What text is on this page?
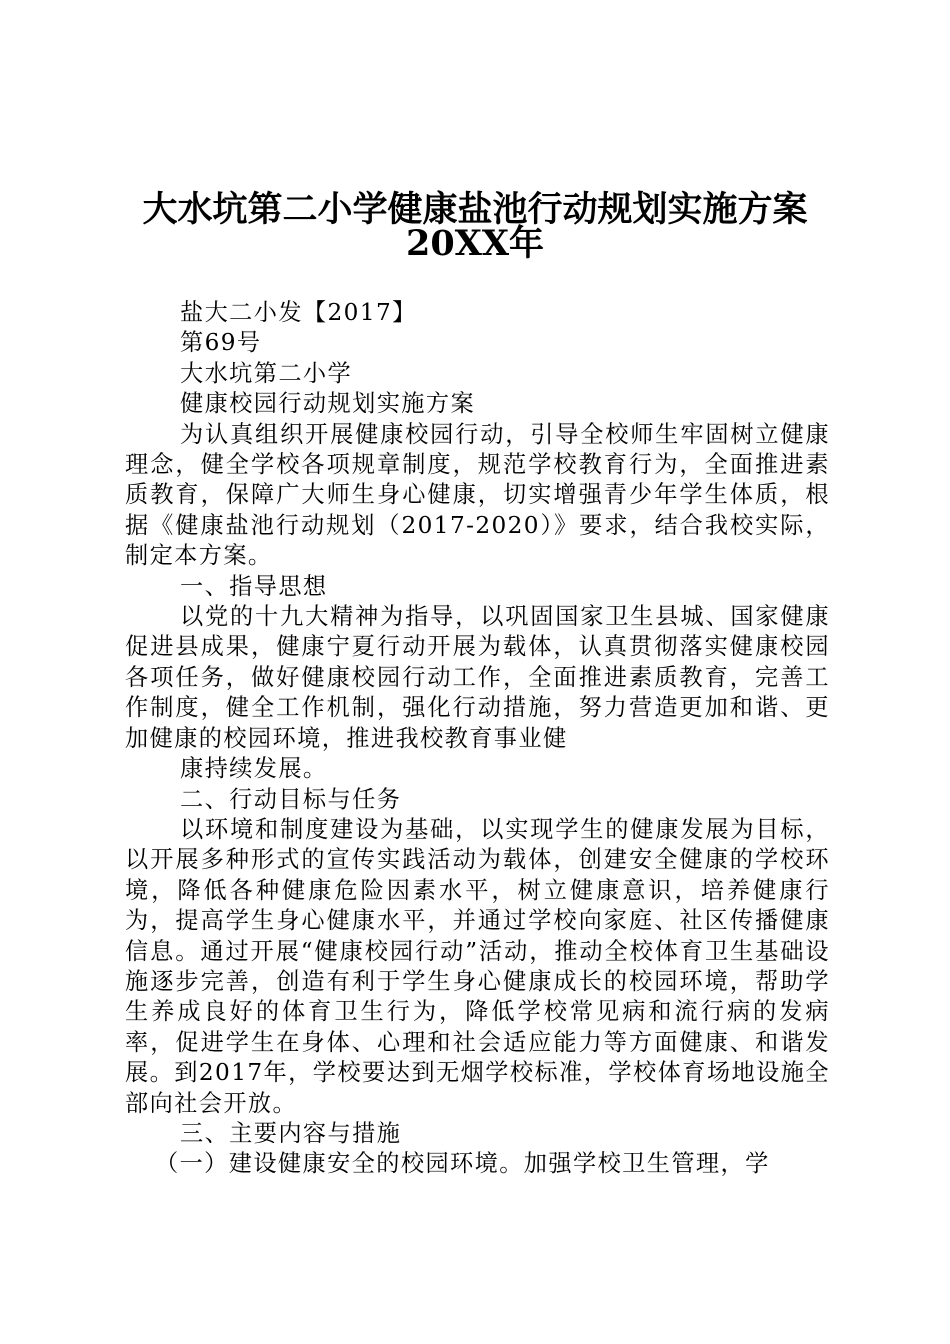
大水坑第二小学健康盐池行动规划实施方案
20XX年

盐大二小发【2017】

第69号

大水坑第二小学

健康校园行动规划实施方案

为认真组织开展健康校园行动，引导全校师生牢固树立健康理念，健全学校各项规章制度，规范学校教育行为，全面推进素质教育，保障广大师生身心健康，切实增强青少年学生体质，根据《健康盐池行动规划（2017-2020）》要求，结合我校实际，制定本方案。

一、指导思想

以党的十九大精神为指导，以巩固国家卫生县城、国家健康促进县成果，健康宁夏行动开展为载体，认真贯彻落实健康校园各项任务，做好健康校园行动工作，全面推进素质教育，完善工作制度，健全工作机制，强化行动措施，努力营造更加和谐、更加健康的校园环境，推进我校教育事业健

康持续发展。

二、行动目标与任务

以环境和制度建设为基础，以实现学生的健康发展为目标，以开展多种形式的宣传实践活动为载体，创建安全健康的学校环境，降低各种健康危险因素水平，树立健康意识，培养健康行为，提高学生身心健康水平，并通过学校向家庭、社区传播健康信息。通过开展“健康校园行动”活动，推动全校体育卫生基础设施逐步完善，创造有利于学生身心健康成长的校园环境，帮助学生养成良好的体育卫生行为，降低学校常见病和流行病的发病率，促进学生在身体、心理和社会适应能力等方面健康、和谐发展。到2017年，学校要达到无烟学校标准，学校体育场地设施全部向社会开放。

三、主要内容与措施

（一）建设健康安全的校园环境。加强学校卫生管理，学
